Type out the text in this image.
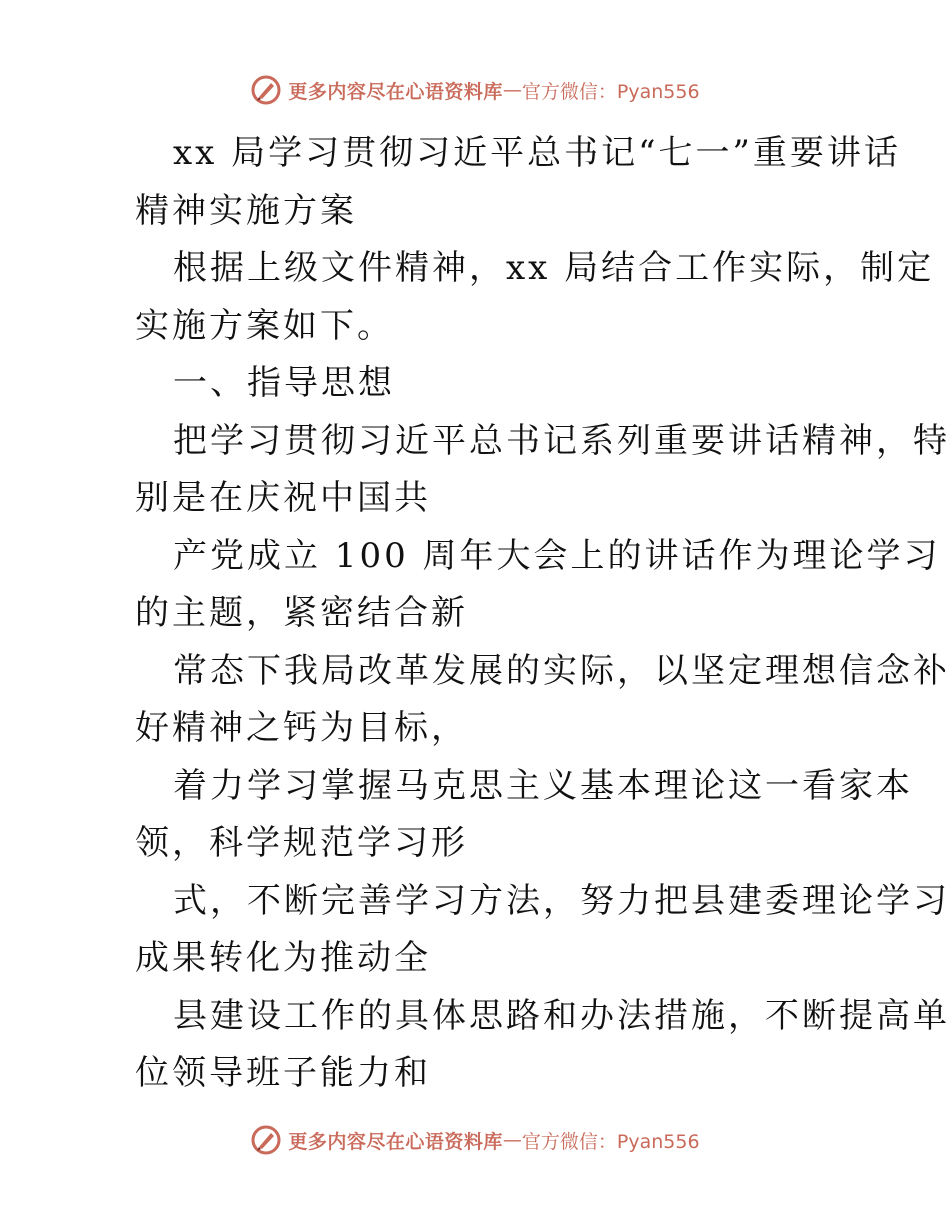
更多内容尽在心语资料库 — 官方微信：Pyan556
xx 局学习贯彻习近平总书记“七一”重要讲话
精神实施方案
根据上级文件精神，xx 局结合工作实际，制定
实施方案如下。
一、指导思想
把学习贯彻习近平总书记系列重要讲话精神，特
别是在庆祝中国共
产党成立 100 周年大会上的讲话作为理论学习
的主题，紧密结合新
常态下我局改革发展的实际，以坚定理想信念补
好精神之钙为目标，
着力学习掌握马克思主义基本理论这一看家本
领，科学规范学习形
式，不断完善学习方法，努力把县建委理论学习
成果转化为推动全
县建设工作的具体思路和办法措施，不断提高单
位领导班子能力和
更多内容尽在心语资料库 — 官方微信：Pyan556
